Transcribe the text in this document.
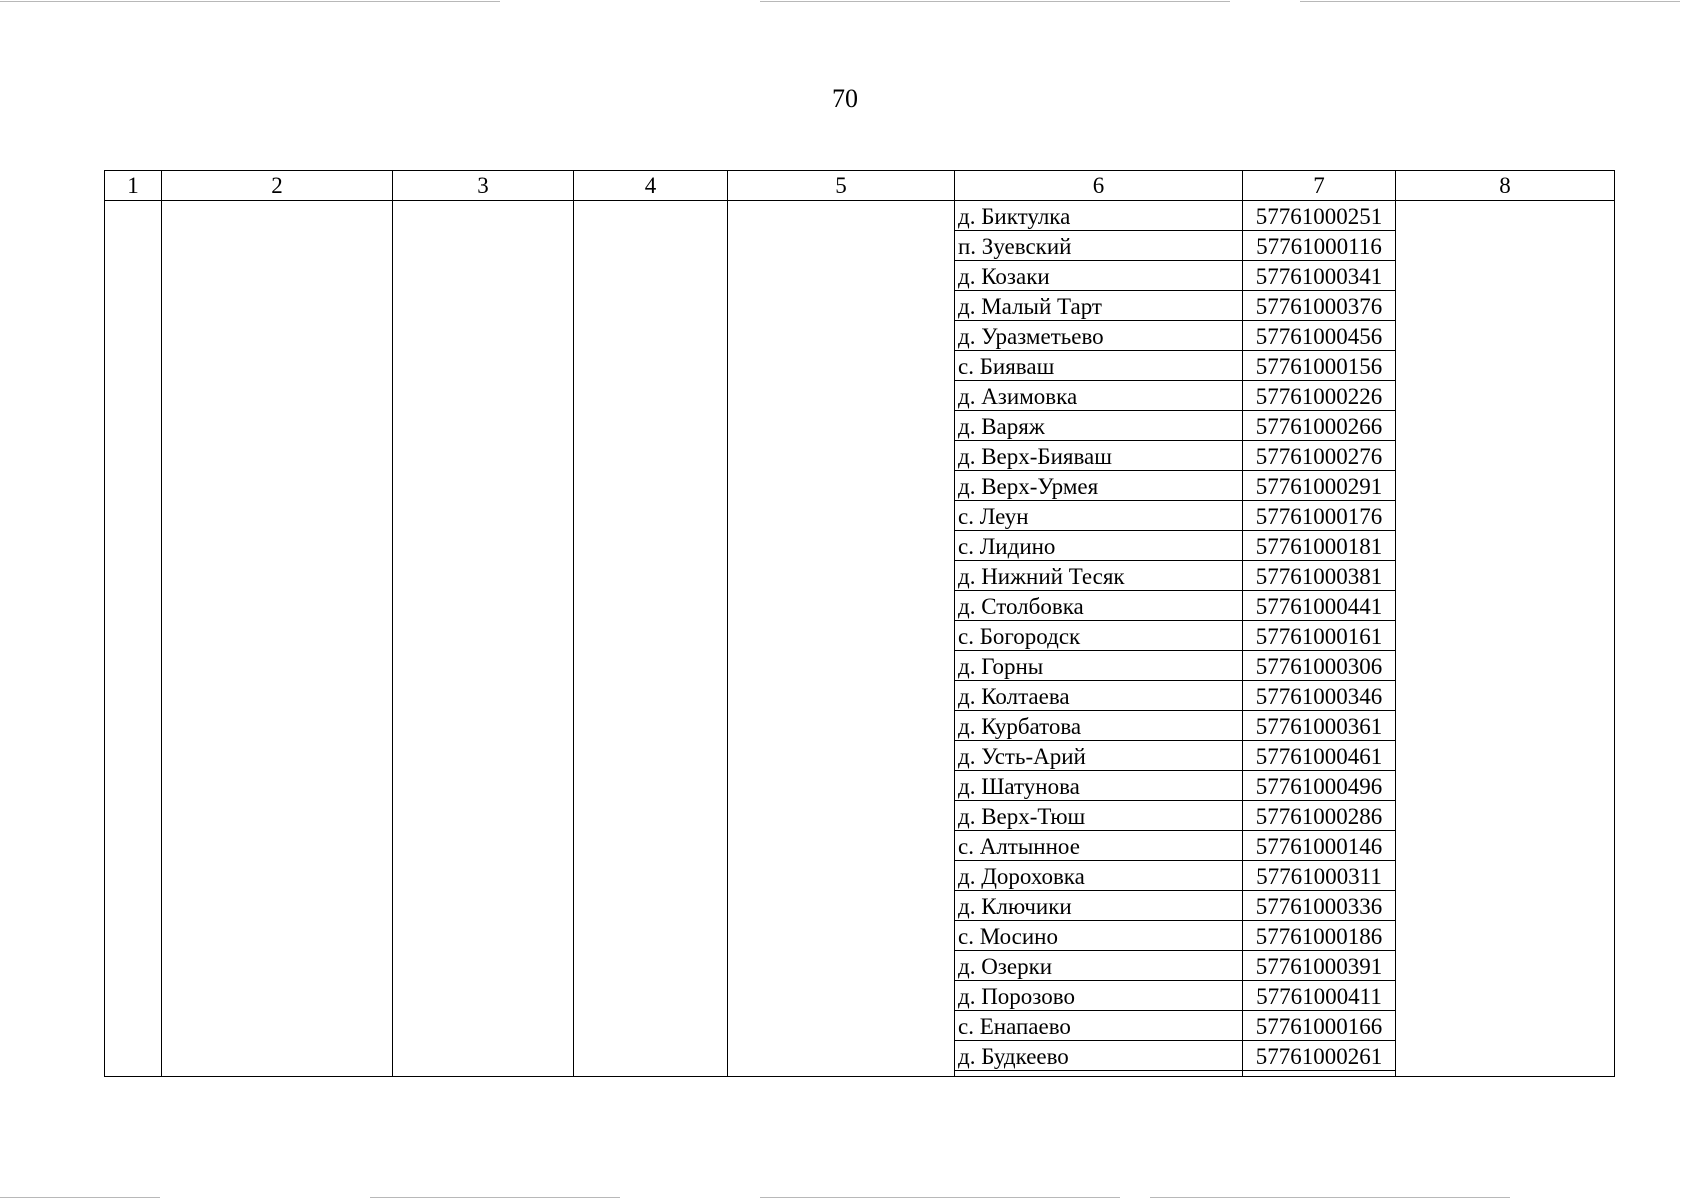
70
1	2	3	4	5	6	7	8
					д. Биктулка	57761000251	
					п. Зуевский	57761000116	
					д. Козаки	57761000341	
					д. Малый Тарт	57761000376	
					д. Уразметьево	57761000456	
					с. Бияваш	57761000156	
					д. Азимовка	57761000226	
					д. Варяж	57761000266	
					д. Верх-Бияваш	57761000276	
					д. Верх-Урмея	57761000291	
					с. Леун	57761000176	
					с. Лидино	57761000181	
					д. Нижний Тесяк	57761000381	
					д. Столбовка	57761000441	
					с. Богородск	57761000161	
					д. Горны	57761000306	
					д. Колтаева	57761000346	
					д. Курбатова	57761000361	
					д. Усть-Арий	57761000461	
					д. Шатунова	57761000496	
					д. Верх-Тюш	57761000286	
					с. Алтынное	57761000146	
					д. Дороховка	57761000311	
					д. Ключики	57761000336	
					с. Мосино	57761000186	
					д. Озерки	57761000391	
					д. Порозово	57761000411	
					с. Енапаево	57761000166	
					д. Будкеево	57761000261	
